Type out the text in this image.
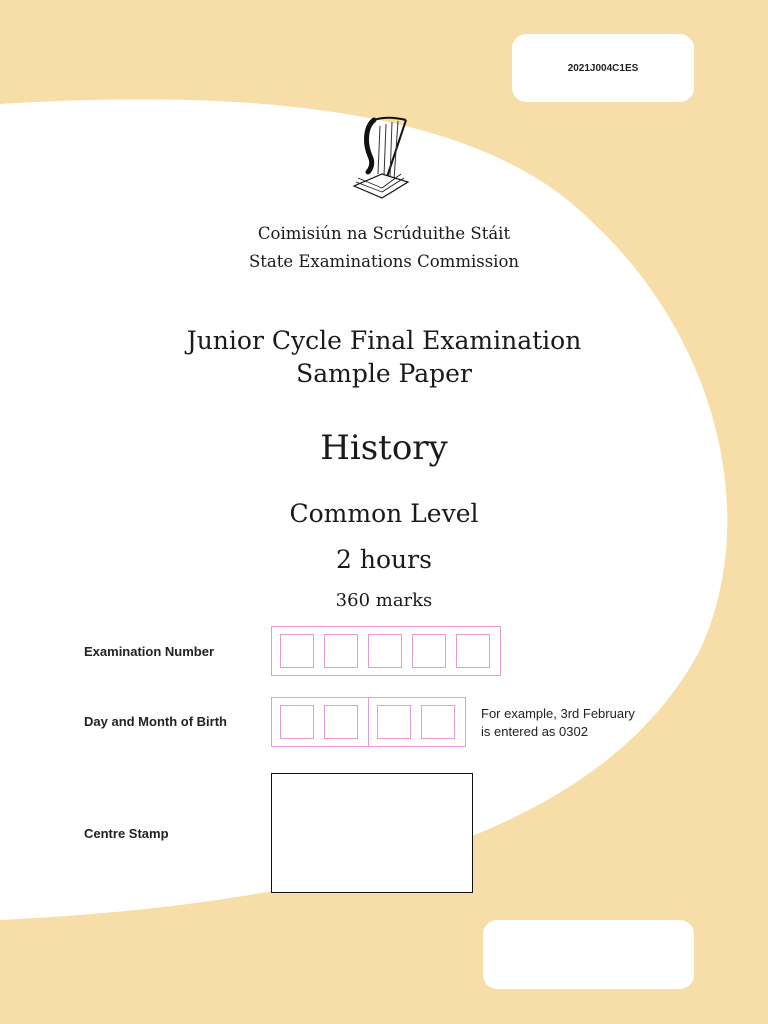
2021J004C1ES
Coimisiún na Scrúduithe Stáit
State Examinations Commission
Junior Cycle Final Examination
Sample Paper
History
Common Level
2 hours
360 marks
Examination Number
Day and Month of Birth
For example, 3rd February
is entered as 0302
Centre Stamp
